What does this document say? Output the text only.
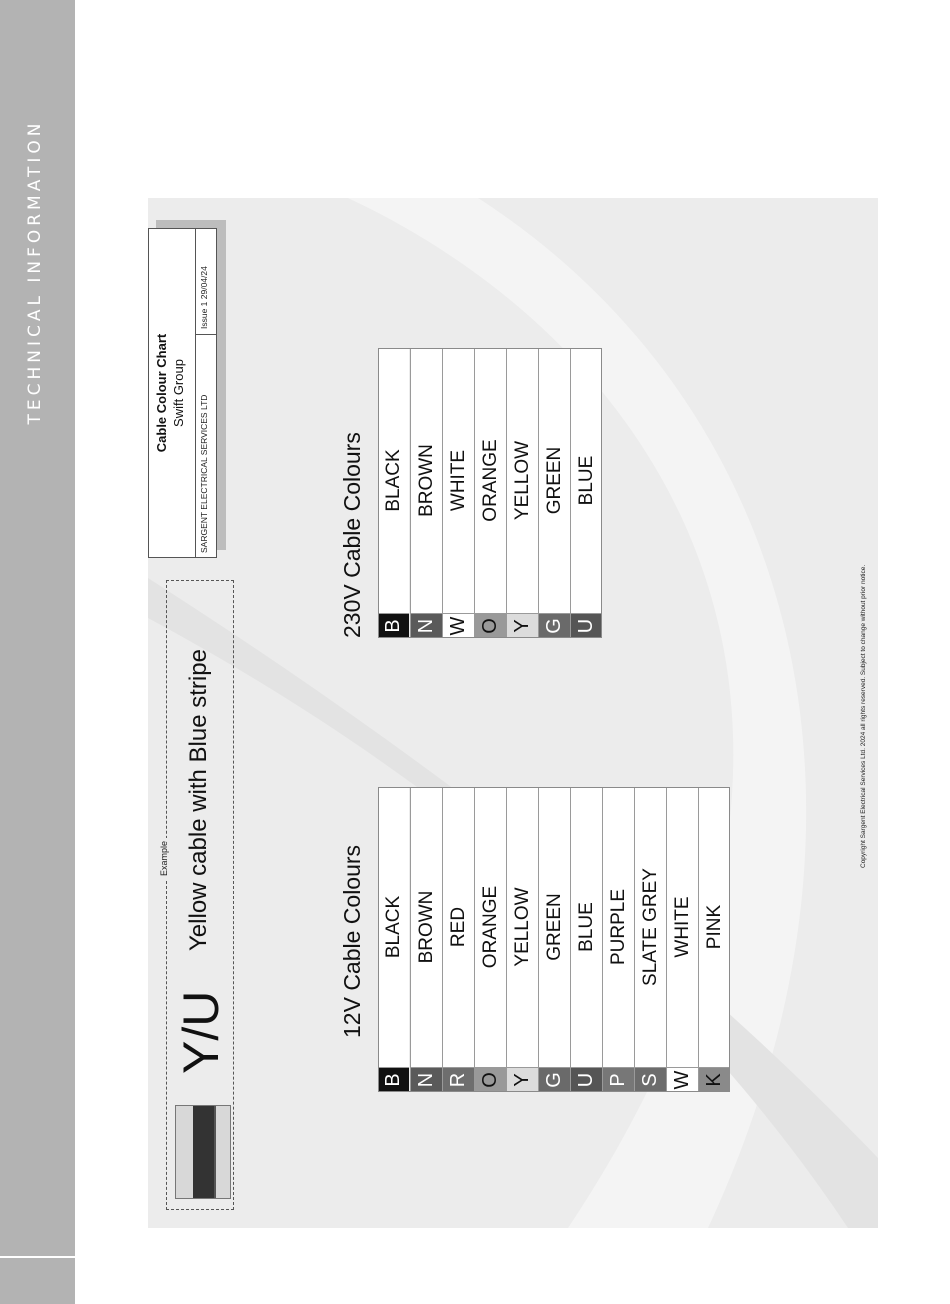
TECHNICAL INFORMATION
Example
Y/U
Yellow cable with Blue stripe	12V Cable Colours
B
BLACK
N
BROWN
R
RED
O
ORANGE
Y
YELLOW
G
GREEN
U
BLUE
P
PURPLE
S
SLATE GREY
W
WHITE
K
PINK
230V Cable Colours B
BLACK
N
BROWN
W
WHITE
O
ORANGE
Y
YELLOW
G
GREEN
U
BLUE
Cable Colour Chart Swift Group
SARGENT ELECTRICAL SERVICES LTD
Issue 1 29/04/24
Copyright Sargent Electrical Services Ltd. 2024 all rights reserved. Subject to change without prior notice.
